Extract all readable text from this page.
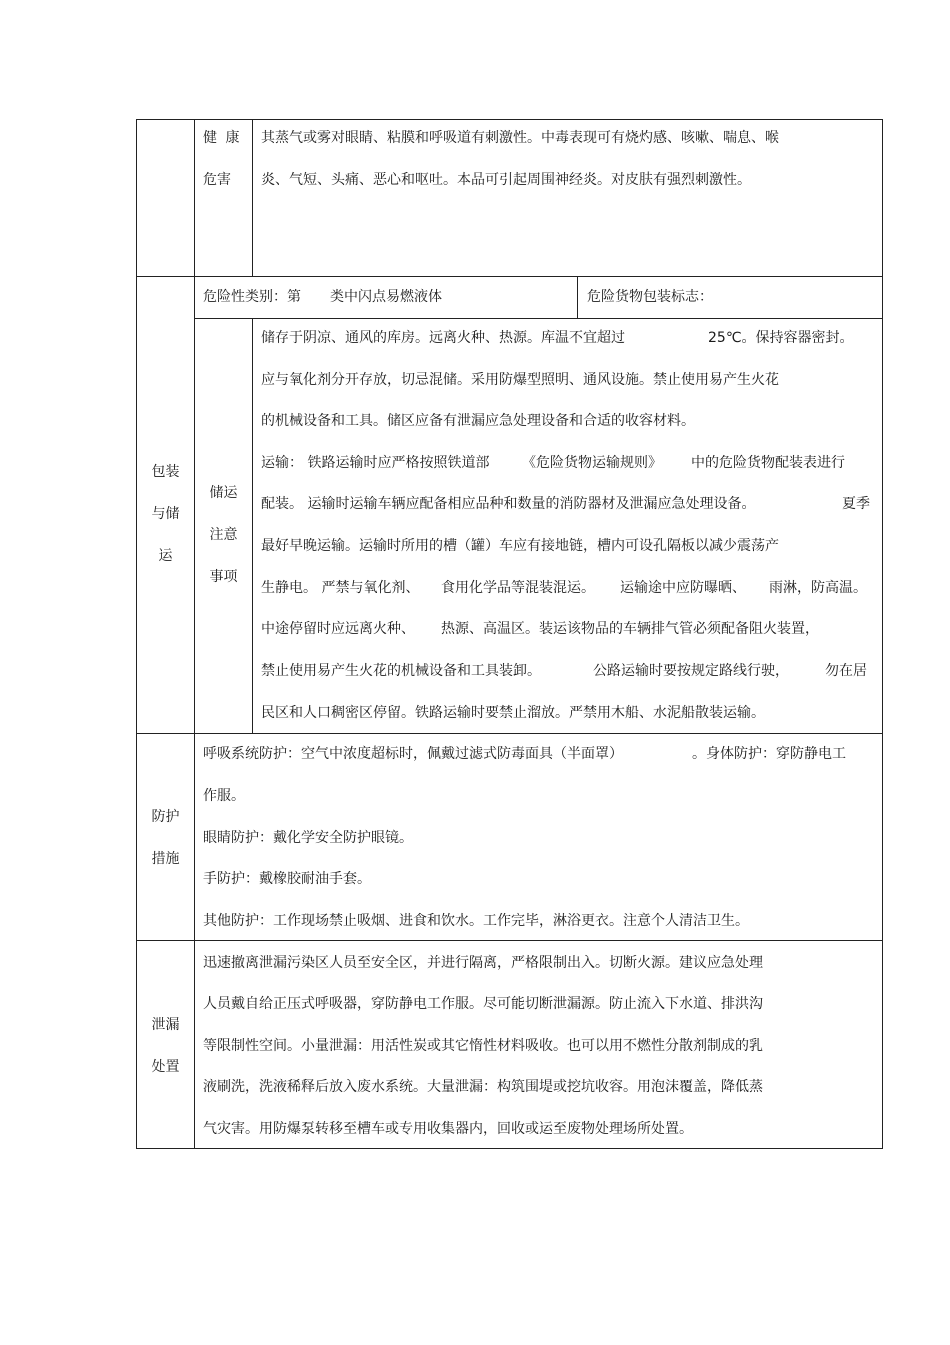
健 康
危害
其蒸气或雾对眼睛、粘膜和呼吸道有刺激性。中毒表现可有烧灼感、咳嗽、喘息、喉
炎、气短、头痛、恶心和呕吐。本品可引起周围神经炎。对皮肤有强烈刺激性。
包装
与储
运
危险性类别：第 类中闪点易燃液体	危险货物包装标志：
储运
注意
事项
储存于阴凉、通风的库房。远离火种、热源。库温不宜超过	25℃。保持容器密封。
应与氧化剂分开存放，切忌混储。采用防爆型照明、通风设施。禁止使用易产生火花
的机械设备和工具。储区应备有泄漏应急处理设备和合适的收容材料。
运输： 铁路运输时应严格按照铁道部 《危险货物运输规则》 中的危险货物配装表进行
配装。 运输时运输车辆应配备相应品种和数量的消防器材及泄漏应急处理设备。	夏季
最好早晚运输。运输时所用的槽（罐）车应有接地链，槽内可设孔隔板以减少震荡产
生静电。 严禁与氧化剂、 食用化学品等混装混运。 运输途中应防曝晒、 雨淋，防高温。
中途停留时应远离火种、 热源、高温区。装运该物品的车辆排气管必须配备阻火装置，
禁止使用易产生火花的机械设备和工具装卸。	公路运输时要按规定路线行驶，	勿在居
民区和人口稠密区停留。铁路运输时要禁止溜放。严禁用木船、水泥船散装运输。
防护
措施
呼吸系统防护：空气中浓度超标时，佩戴过滤式防毒面具（半面罩）	。身体防护：穿防静电工
作服。
眼睛防护：戴化学安全防护眼镜。
手防护：戴橡胶耐油手套。
其他防护：工作现场禁止吸烟、进食和饮水。工作完毕，淋浴更衣。注意个人清洁卫生。
泄漏
处置
迅速撤离泄漏污染区人员至安全区，并进行隔离，严格限制出入。切断火源。建议应急处理
人员戴自给正压式呼吸器，穿防静电工作服。尽可能切断泄漏源。防止流入下水道、排洪沟
等限制性空间。小量泄漏：用活性炭或其它惰性材料吸收。也可以用不燃性分散剂制成的乳
液刷洗，洗液稀释后放入废水系统。大量泄漏：构筑围堤或挖坑收容。用泡沫覆盖，降低蒸
气灾害。用防爆泵转移至槽车或专用收集器内，回收或运至废物处理场所处置。
